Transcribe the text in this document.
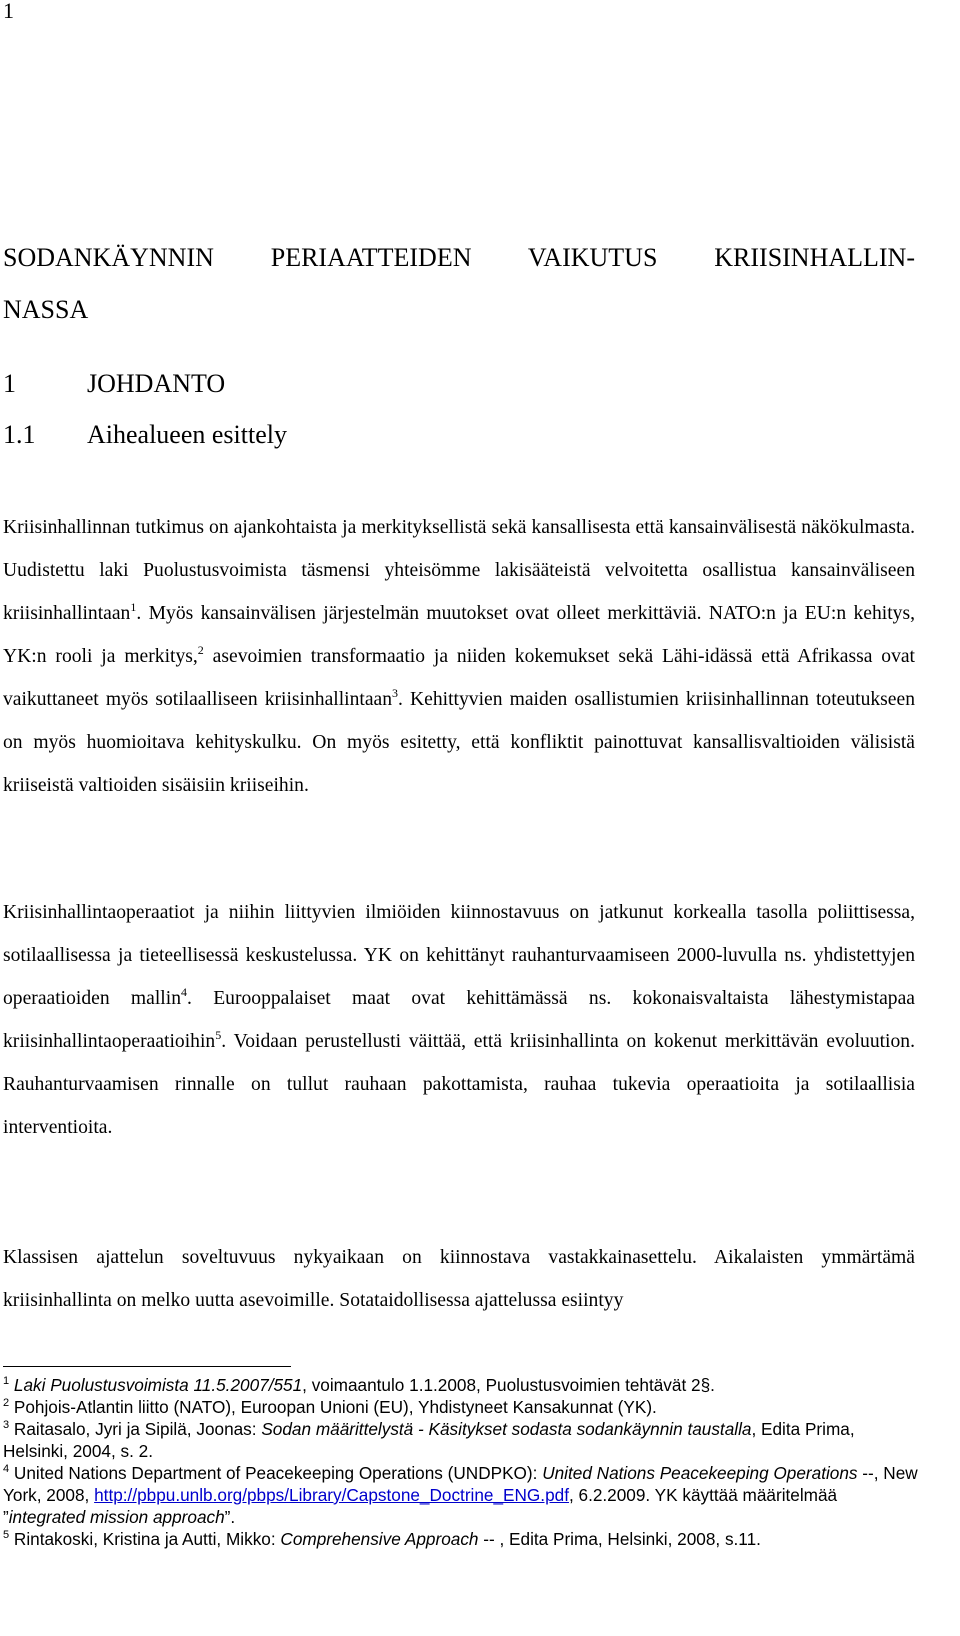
1
SODANKÄYNNIN PERIAATTEIDEN VAIKUTUS KRIISINHALLIN-
NASSA
1	JOHDANTO
1.1 Aihealueen esittely

Kriisinhallinnan tutkimus on ajankohtaista ja merkityksellistä sekä kansallisesta että kansainvälisestä näkökulmasta. Uudistettu laki Puolustusvoimista täsmensi yhteisömme lakisääteistä velvoitetta osallistua kansainväliseen kriisinhallintaan$^1$. Myös kansainvälisen järjestelmän muutokset ovat olleet merkittäviä. NATO:n ja EU:n kehitys, YK:n rooli ja merkitys,$^2$ asevoimien transformaatio ja niiden kokemukset sekä Lähi-idässä että Afrikassa ovat vaikuttaneet myös sotilaalliseen kriisinhallintaan$^3$. Kehittyvien maiden osallistumien kriisinhallinnan toteutukseen on myös huomioitava kehityskulku. On myös esitetty, että konfliktit painottuvat kansallisvaltioiden välisistä kriiseistä valtioiden sisäisiin kriiseihin.

Kriisinhallintaoperaatiot ja niihin liittyvien ilmiöiden kiinnostavuus on jatkunut korkealla tasolla poliittisessa, sotilaallisessa ja tieteellisessä keskustelussa. YK on kehittänyt rauhanturvaamiseen 2000-luvulla ns. yhdistettyjen operaatioiden mallin$^4$. Eurooppalaiset maat ovat kehittämässä ns. kokonaisvaltaista lähestymistapaa kriisinhallintaoperaatioihin$^5$. Voidaan perustellusti väittää, että kriisinhallinta on kokenut merkittävän evoluution. Rauhanturvaamisen rinnalle on tullut rauhaan pakottamista, rauhaa tukevia operaatioita ja sotilaallisia interventioita.

Klassisen ajattelun soveltuvuus nykyaikaan on kiinnostava vastakkainasettelu. Aikalaisten ymmärtämä kriisinhallinta on melko uutta asevoimille. Sotataidollisessa ajattelussa esiintyy

$^1$ Laki Puolustusvoimista 11.5.2007/551, voimaantulo 1.1.2008, Puolustusvoimien tehtävät 2§.
$^2$ Pohjois-Atlantin liitto (NATO), Euroopan Unioni (EU), Yhdistyneet Kansakunnat (YK).
$^3$ Raitasalo, Jyri ja Sipilä, Joonas: Sodan määrittelystä - Käsitykset sodasta sodankäynnin taustalla, Edita Prima, Helsinki, 2004, s. 2.
$^4$ United Nations Department of Peacekeeping Operations (UNDPKO): United Nations Peacekeeping Operations --, New York, 2008, http://pbpu.unlb.org/pbps/Library/Capstone_Doctrine_ENG.pdf, 6.2.2009. YK käyttää määritelmää ”integrated mission approach”.
$^5$ Rintakoski, Kristina ja Autti, Mikko: Comprehensive Approach -- , Edita Prima, Helsinki, 2008, s.11.
